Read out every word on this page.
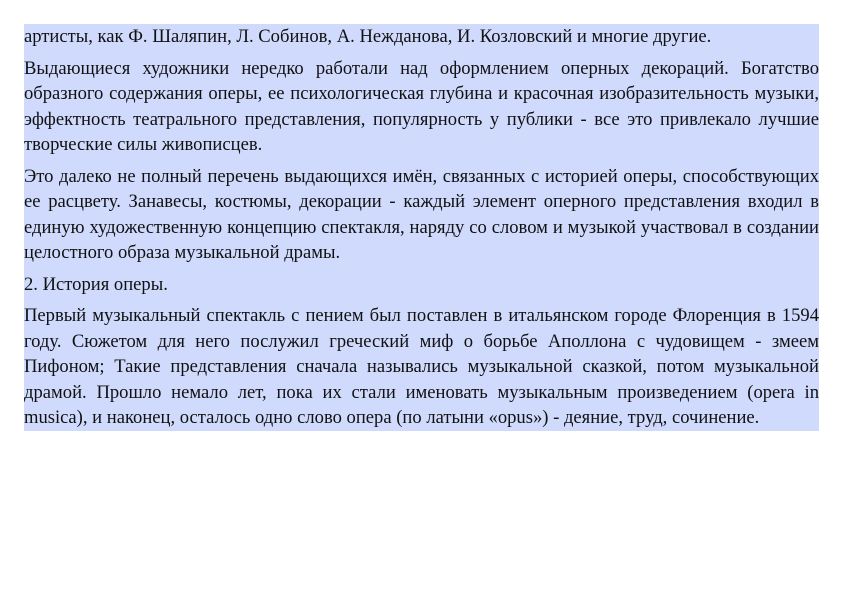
артисты, как Ф. Шаляпин, Л. Собинов, А. Нежданова, И. Козловский и многие другие.

Выдающиеся художники нередко работали над оформлением оперных декораций. Богатство образного содержания оперы, ее психологическая глубина и красочная изобразительность музыки, эффектность театрального представления, популярность у публики - все это привлекало лучшие творческие силы живописцев.

Это далеко не полный перечень выдающихся имён, связанных с историей оперы, способствующих ее расцвету. Занавесы, костюмы, декорации - каждый элемент оперного представления входил в единую художественную концепцию спектакля, наряду со словом и музыкой участвовал в создании целостного образа музыкальной драмы.

2. История оперы.

Первый музыкальный спектакль с пением был поставлен в итальянском городе Флоренция в 1594 году. Сюжетом для него послужил греческий миф о борьбе Аполлона с чудовищем - змеем Пифоном; Такие представления сначала назывались музыкальной сказкой, потом музыкальной драмой. Прошло немало лет, пока их стали именовать музыкальным произведением (opera in musica), и наконец, осталось одно слово опера (по латыни «opus») - деяние, труд, сочинение.
